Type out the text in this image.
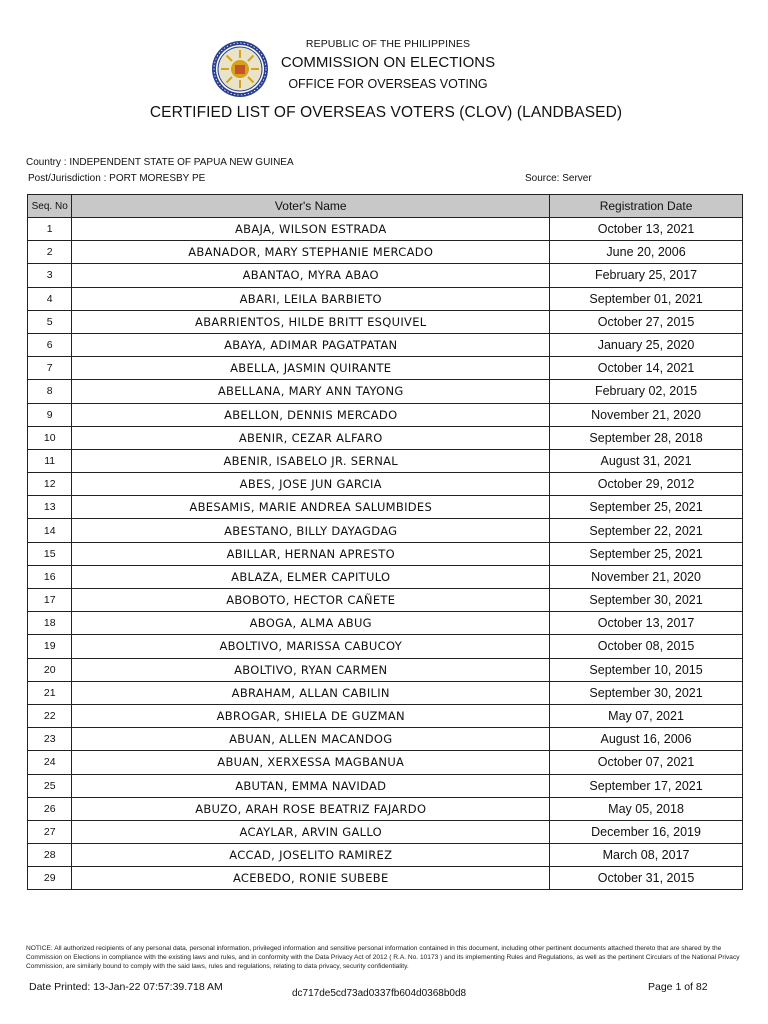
REPUBLIC OF THE PHILIPPINES
COMMISSION ON ELECTIONS
OFFICE FOR OVERSEAS VOTING
CERTIFIED LIST OF OVERSEAS VOTERS (CLOV) (LANDBASED)
Country : INDEPENDENT STATE OF PAPUA NEW GUINEA
Post/Jurisdiction : PORT MORESBY PE	Source: Server
Seq. No	Voter's Name	Registration Date
1	ABAJA, WILSON ESTRADA	October 13, 2021
2	ABANADOR, MARY STEPHANIE MERCADO	June 20, 2006
3	ABANTAO, MYRA ABAO	February 25, 2017
4	ABARI, LEILA BARBIETO	September 01, 2021
5	ABARRIENTOS, HILDE BRITT ESQUIVEL	October 27, 2015
6	ABAYA, ADIMAR PAGATPATAN	January 25, 2020
7	ABELLA, JASMIN QUIRANTE	October 14, 2021
8	ABELLANA, MARY ANN TAYONG	February 02, 2015
9	ABELLON, DENNIS MERCADO	November 21, 2020
10	ABENIR, CEZAR ALFARO	September 28, 2018
11	ABENIR, ISABELO JR. SERNAL	August 31, 2021
12	ABES, JOSE JUN GARCIA	October 29, 2012
13	ABESAMIS, MARIE ANDREA SALUMBIDES	September 25, 2021
14	ABESTANO, BILLY DAYAGDAG	September 22, 2021
15	ABILLAR, HERNAN APRESTO	September 25, 2021
16	ABLAZA, ELMER CAPITULO	November 21, 2020
17	ABOBOTO, HECTOR CAÑETE	September 30, 2021
18	ABOGA, ALMA ABUG	October 13, 2017
19	ABOLTIVO, MARISSA CABUCOY	October 08, 2015
20	ABOLTIVO, RYAN CARMEN	September 10, 2015
21	ABRAHAM, ALLAN CABILIN	September 30, 2021
22	ABROGAR, SHIELA DE GUZMAN	May 07, 2021
23	ABUAN, ALLEN MACANDOG	August 16, 2006
24	ABUAN, XERXESSA MAGBANUA	October 07, 2021
25	ABUTAN, EMMA NAVIDAD	September 17, 2021
26	ABUZO, ARAH ROSE BEATRIZ FAJARDO	May 05, 2018
27	ACAYLAR, ARVIN GALLO	December 16, 2019
28	ACCAD, JOSELITO RAMIREZ	March 08, 2017
29	ACEBEDO, RONIE SUBEBE	October 31, 2015
NOTICE: All authorized recipients of any personal data, personal information, privileged information and sensitive personal information contained in this document, including other pertinent documents attached thereto that are shared by the Commission on Elections in compliance with the existing laws and rules, and in conformity with the Data Privacy Act of 2012 ( R.A. No. 10173 ) and its implementing Rules and Regulations, as well as the pertinent Circulars of the National Privacy Commission, are similarly bound to comply with the said laws, rules and regulations, relating to data privacy, security confidentiality.
Date Printed: 13-Jan-22 07:57:39.718 AM
dc717de5cd73ad0337fb604d0368b0d8
Page 1 of 82
